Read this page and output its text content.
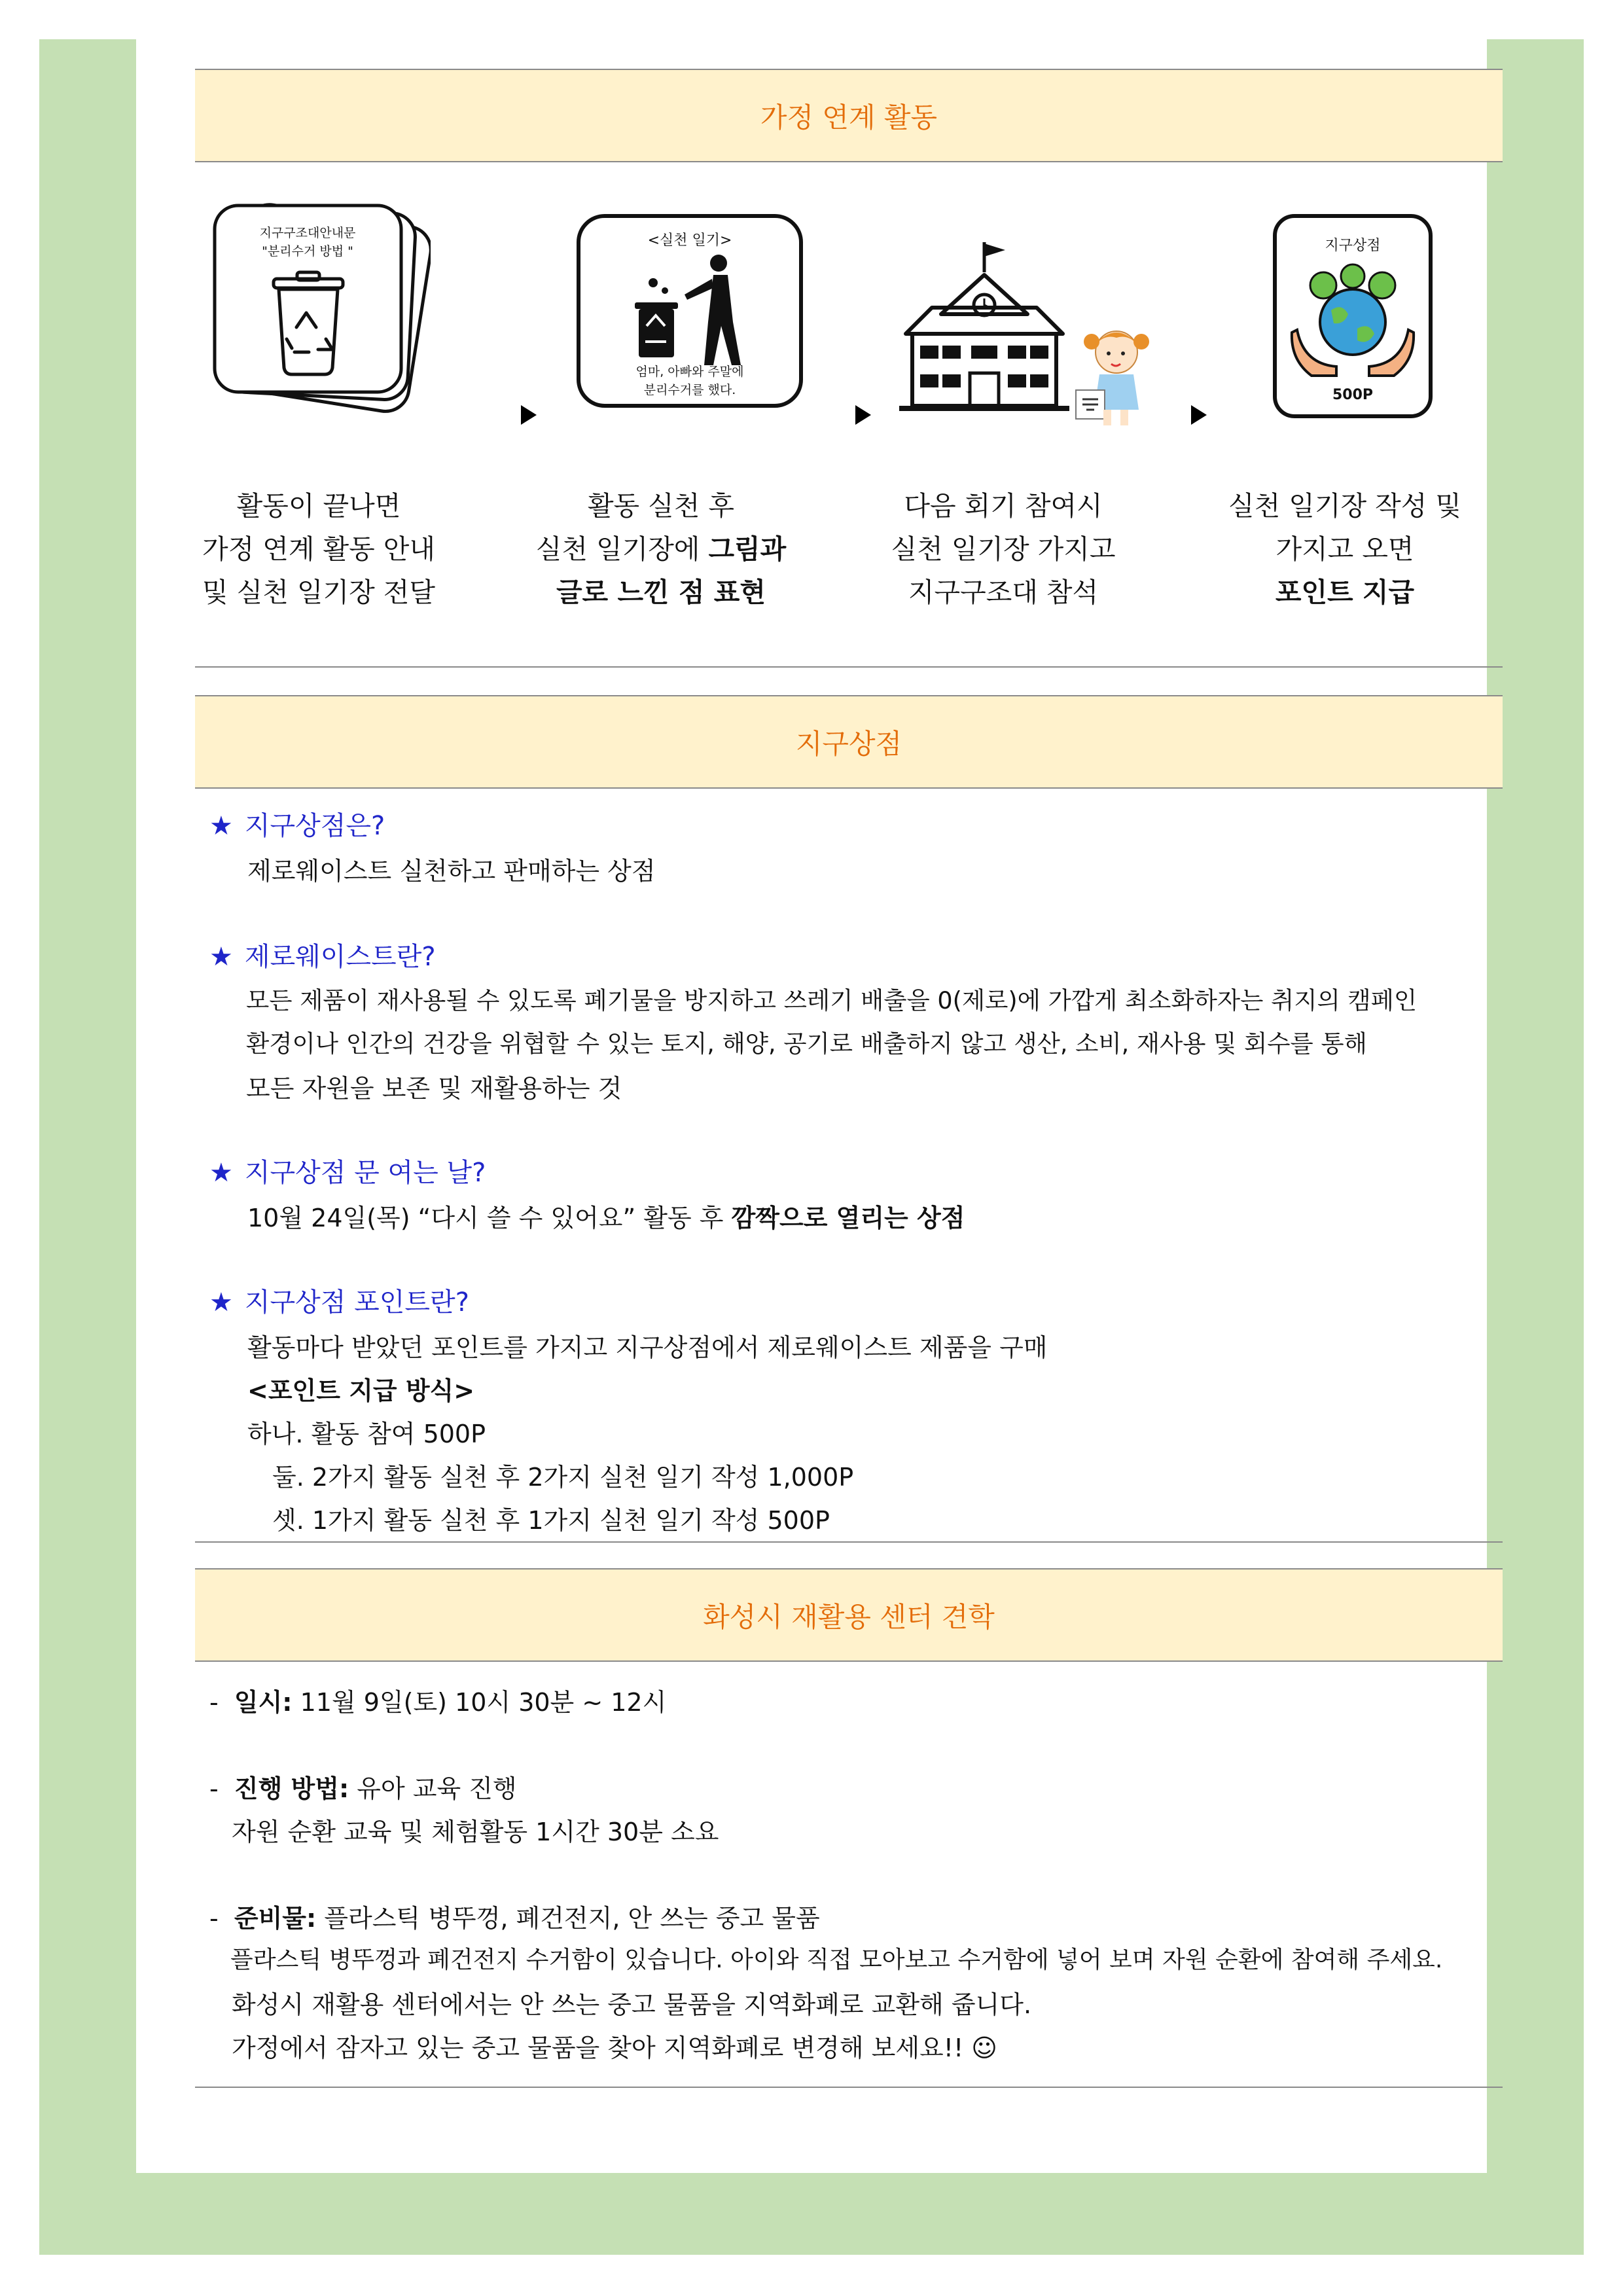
가정 연계 활동
지구구조대안내문
"분리수거 방법 "
<실천 일기>
엄마, 아빠와 주말에
분리수거를 했다.
지구상점
500P
활동이 끝나면
가정 연계 활동 안내
및 실천 일기장 전달
활동 실천 후
실천 일기장에 그림과
글로 느낀 점 표현
다음 회기 참여시
실천 일기장 가지고
지구구조대 참석
실천 일기장 작성 및
가지고 오면
포인트 지급
지구상점
★ 지구상점은?
제로웨이스트 실천하고 판매하는 상점
★ 제로웨이스트란?
모든 제품이 재사용될 수 있도록 폐기물을 방지하고 쓰레기 배출을 0(제로)에 가깝게 최소화하자는 취지의 캠페인
환경이나 인간의 건강을 위협할 수 있는 토지, 해양, 공기로 배출하지 않고 생산, 소비, 재사용 및 회수를 통해
모든 자원을 보존 및 재활용하는 것
★ 지구상점 문 여는 날?
10월 24일(목) “다시 쓸 수 있어요” 활동 후 깜짝으로 열리는 상점
★ 지구상점 포인트란?
활동마다 받았던 포인트를 가지고 지구상점에서 제로웨이스트 제품을 구매
<포인트 지급 방식>
하나. 활동 참여 500P
둘. 2가지 활동 실천 후 2가지 실천 일기 작성 1,000P
셋. 1가지 활동 실천 후 1가지 실천 일기 작성 500P
화성시 재활용 센터 견학
- 일시: 11월 9일(토) 10시 30분 ~ 12시
- 진행 방법: 유아 교육 진행
자원 순환 교육 및 체험활동 1시간 30분 소요
- 준비물: 플라스틱 병뚜껑, 폐건전지, 안 쓰는 중고 물품
플라스틱 병뚜껑과 폐건전지 수거함이 있습니다. 아이와 직접 모아보고 수거함에 넣어 보며 자원 순환에 참여해 주세요.
화성시 재활용 센터에서는 안 쓰는 중고 물품을 지역화폐로 교환해 줍니다.
가정에서 잠자고 있는 중고 물품을 찾아 지역화폐로 변경해 보세요!! ☺
